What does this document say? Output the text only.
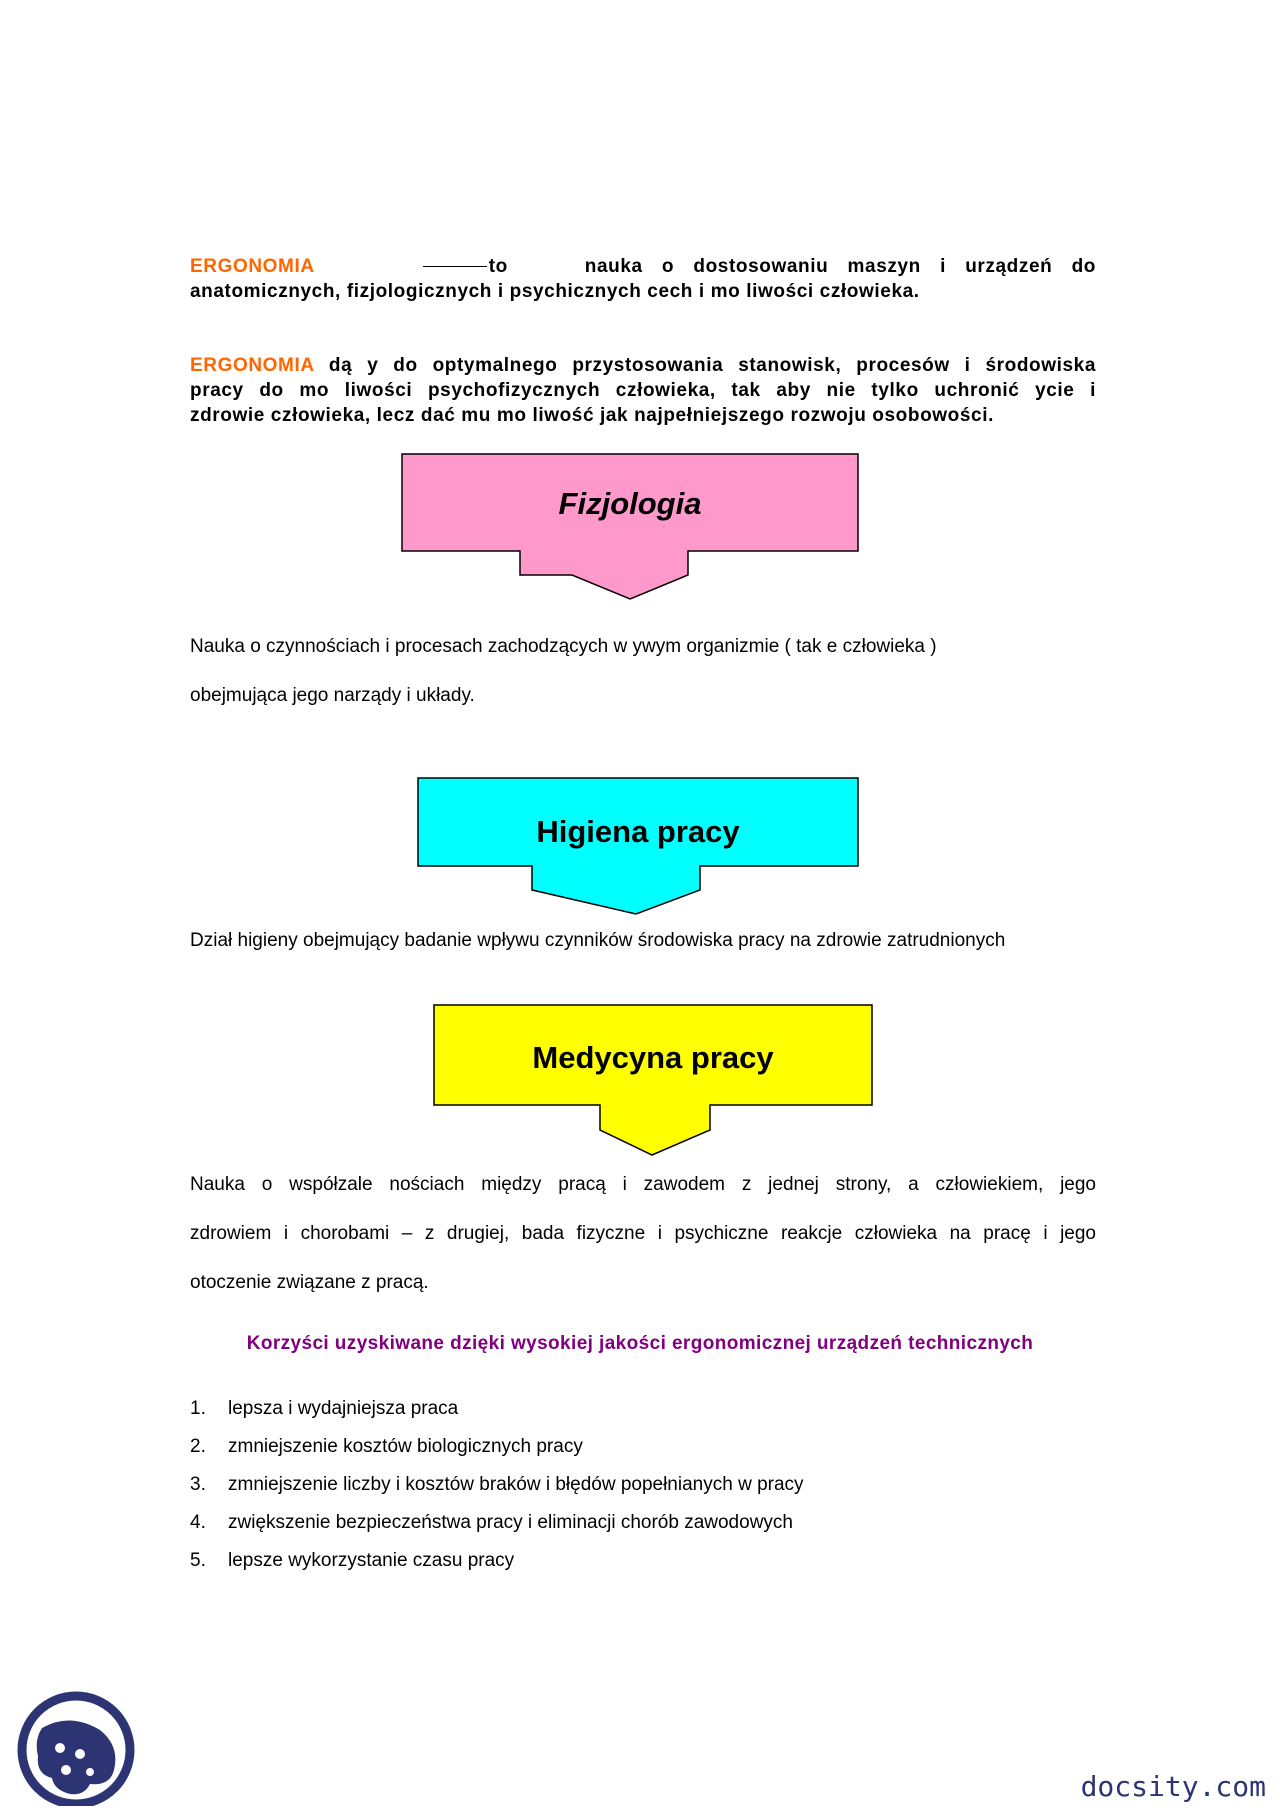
ERGONOMIA	to	nauka o dostosowaniu maszyn i urządzeń do
anatomicznych, fizjologicznych i psychicznych cech i mo liwości człowieka.
ERGONOMIA dą y do optymalnego przystosowania stanowisk, procesów i środowiska
pracy do mo liwości psychofizycznych człowieka, tak aby nie tylko uchronić ycie i
zdrowie człowieka, lecz dać mu mo liwość jak najpełniejszego rozwoju osobowości.
Fizjologia
Nauka o czynnościach i procesach zachodzących w ywym organizmie ( tak e człowieka )
obejmująca jego narządy i układy.
Higiena pracy
Dział higieny obejmujący badanie wpływu czynników środowiska pracy na zdrowie zatrudnionych
Medycyna pracy
Nauka o współzale nościach między pracą i zawodem z jednej strony, a człowiekiem, jego
zdrowiem i chorobami – z drugiej, bada fizyczne i psychiczne reakcje człowieka na pracę i jego
otoczenie związane z pracą.
Korzyści uzyskiwane dzięki wysokiej jakości ergonomicznej urządzeń technicznych
1. lepsza i wydajniejsza praca
2. zmniejszenie kosztów biologicznych pracy
3. zmniejszenie liczby i kosztów braków i błędów popełnianych w pracy
4. zwiększenie bezpieczeństwa pracy i eliminacji chorób zawodowych
5. lepsze wykorzystanie czasu pracy
docsity.com
